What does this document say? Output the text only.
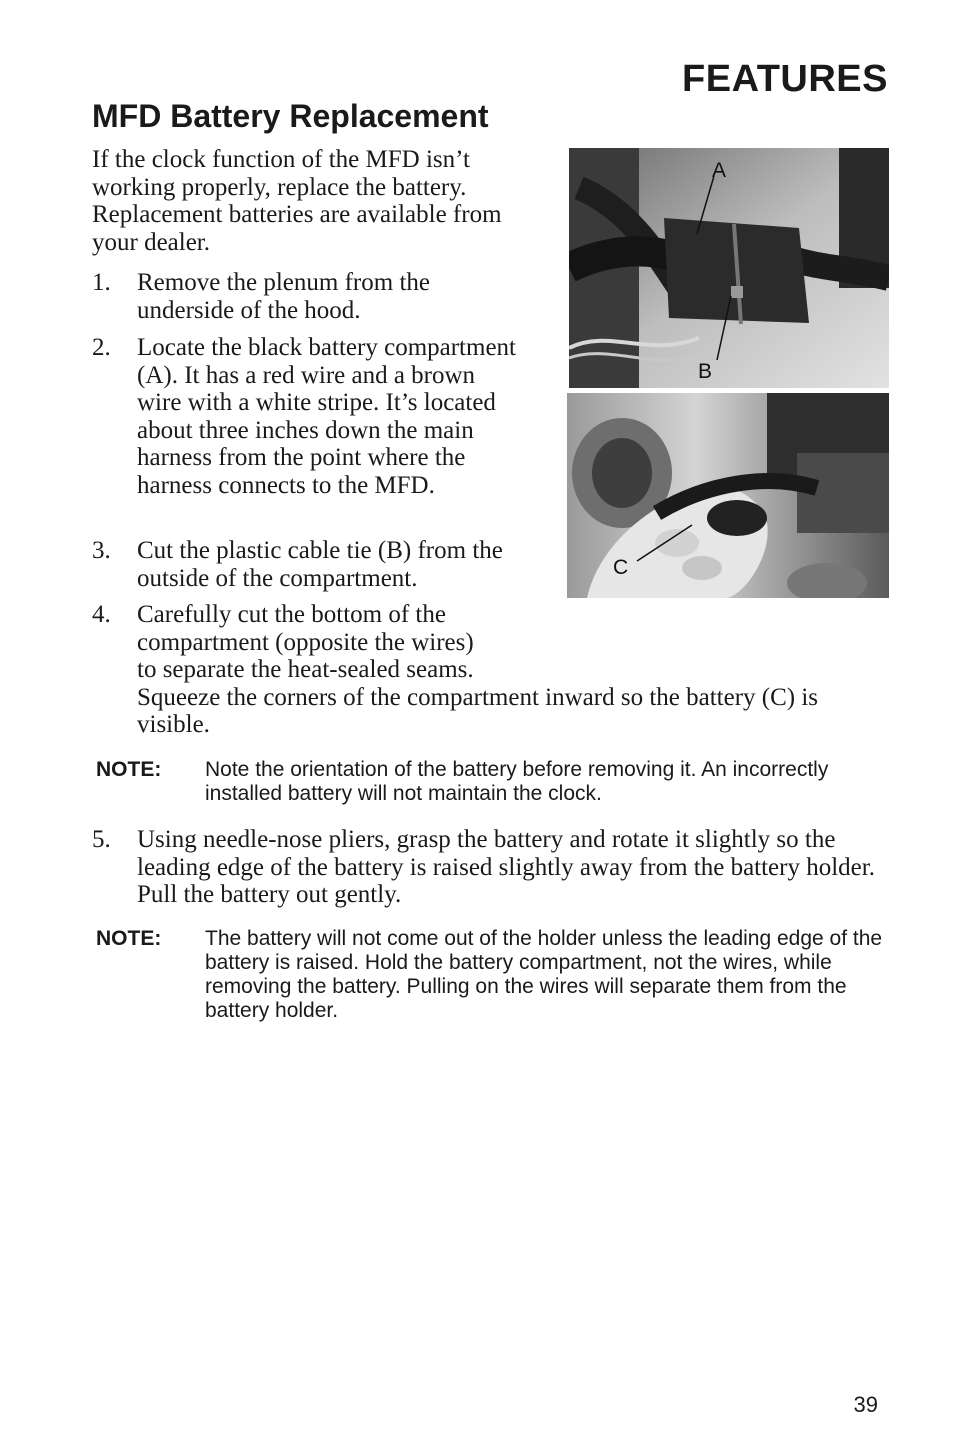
FEATURES
MFD Battery Replacement
If the clock function of the MFD isn’t working properly, replace the battery. Replacement batteries are available from your dealer.
1.	Remove the plenum from the underside of the hood.
2.	Locate the black battery compartment (A). It has a red wire and a brown wire with a white stripe. It’s located about three inches down the main harness from the point where the harness connects to the MFD.
3.	Cut the plastic cable tie (B) from the outside of the compartment.
4.	Carefully cut the bottom of the
compartment (opposite the wires)
to separate the heat-sealed seams.
Squeeze the corners of the compartment inward so the battery (C) is visible.
NOTE: Note the orientation of the battery before removing it. An incorrectly installed battery will not maintain the clock.
5.	Using needle-nose pliers, grasp the battery and rotate it slightly so the leading edge of the battery is raised slightly away from the battery holder. Pull the battery out gently.
NOTE: The battery will not come out of the holder unless the leading edge of the battery is raised. Hold the battery compartment, not the wires, while removing the battery. Pulling on the wires will separate them from the battery holder.
A
B
C
39
